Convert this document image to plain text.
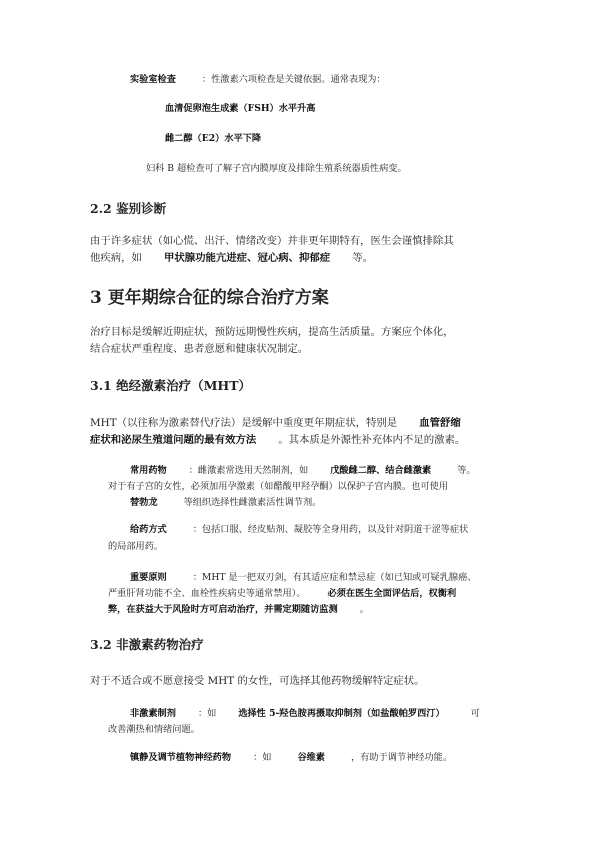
实验室检查	：性激素六项检查是关键依据。通常表现为：
血清促卵泡生成素（FSH）水平升高
雌二醇（E2）水平下降
妇科 B 超检查可了解子宫内膜厚度及排除生殖系统器质性病变。
2.2 鉴别诊断
由于许多症状（如心慌、出汗、情绪改变）并非更年期特有，医生会谨慎排除其
他疾病，如 甲状腺功能亢进症、冠心病、抑郁症 等。
3 更年期综合征的综合治疗方案
治疗目标是缓解近期症状，预防远期慢性疾病，提高生活质量。方案应个体化，
结合症状严重程度、患者意愿和健康状况制定。
3.1 绝经激素治疗（MHT）
MHT（以往称为激素替代疗法）是缓解中重度更年期症状，特别是 血管舒缩
症状和泌尿生殖道问题的最有效方法 。其本质是外源性补充体内不足的激素。
常用药物 ：雌激素常选用天然制剂，如 戊酸雌二醇、结合雌激素	等。
对于有子宫的女性，必须加用孕激素（如醋酸甲羟孕酮）以保护子宫内膜。也可使用
替勃龙	等组织选择性雌激素活性调节剂。
给药方式	：包括口服、经皮贴剂、凝胶等全身用药，以及针对阴道干涩等症状
的局部用药。
重要原则	：MHT 是一把双刃剑，有其适应症和禁忌症（如已知或可疑乳腺癌、
严重肝肾功能不全、血栓性疾病史等通常禁用）。 必须在医生全面评估后，权衡利
弊，在获益大于风险时方可启动治疗，并需定期随访监测 。
3.2 非激素药物治疗
对于不适合或不愿意接受 MHT 的女性，可选择其他药物缓解特定症状。
非激素制剂 ：如 选择性 5-羟色胺再摄取抑制剂（如盐酸帕罗西汀）	可
改善潮热和情绪问题。
镇静及调节植物神经药物 ：如	谷维素	，有助于调节神经功能。
